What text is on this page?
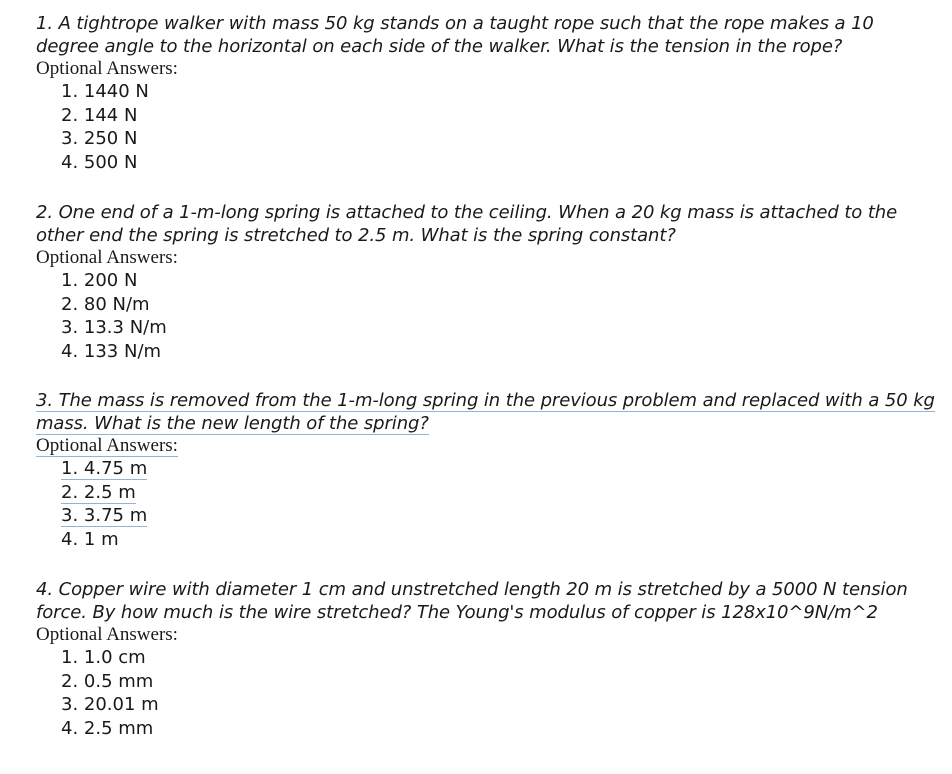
1. A tightrope walker with mass 50 kg stands on a taught rope such that the rope makes a 10 degree angle to the horizontal on each side of the walker. What is the tension in the rope?

Optional Answers:

1. 1440 N
2. 144 N
3. 250 N
4. 500 N

2. One end of a 1-m-long spring is attached to the ceiling. When a 20 kg mass is attached to the other end the spring is stretched to 2.5 m. What is the spring constant?

Optional Answers:

1. 200 N
2. 80 N/m
3. 13.3 N/m
4. 133 N/m

3. The mass is removed from the 1-m-long spring in the previous problem and replaced with a 50 kg mass. What is the new length of the spring?

Optional Answers:

1. 4.75 m
2. 2.5 m
3. 3.75 m
4. 1 m

4. Copper wire with diameter 1 cm and unstretched length 20 m is stretched by a 5000 N tension force. By how much is the wire stretched? The Young's modulus of copper is 128x10^9N/m^2

Optional Answers:

1. 1.0 cm
2. 0.5 mm
3. 20.01 m
4. 2.5 mm
